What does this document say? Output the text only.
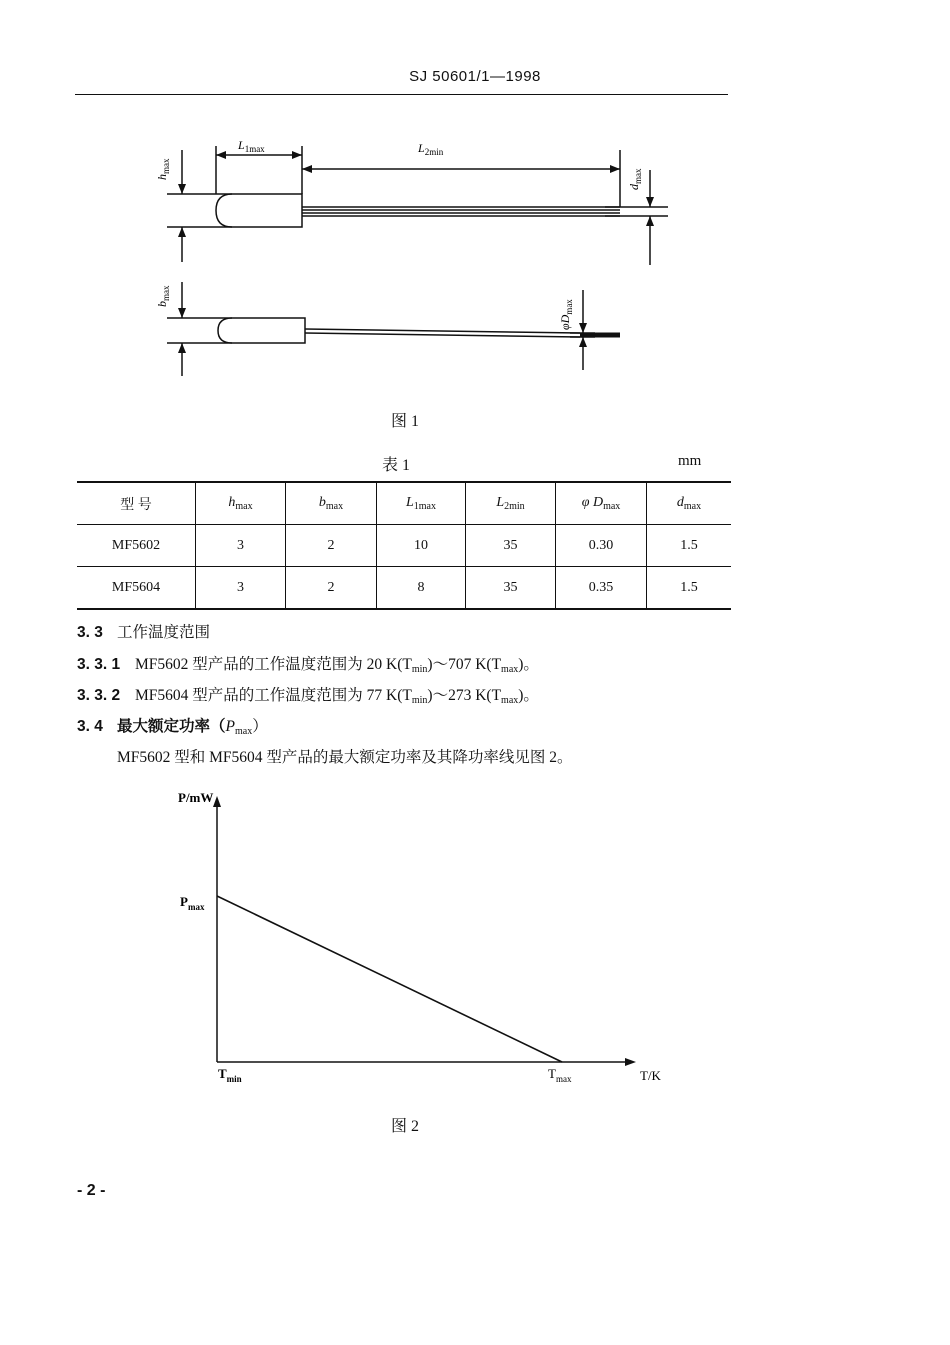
SJ 50601/1—1998
$L_{1max}$	$L_{2min}$
$h_{max}$
$d_{max}$
$b_{max}$
$\varphi D_{max}$
图 1
表 1	mm
型 号	$h_{max}$	$b_{max}$	$L_{1max}$	$L_{2min}$	φ $D_{max}$	$d_{max}$
MF5602	3	2	10	35	0.30	1.5
MF5604	3	2	8	35	0.35	1.5
3. 3 工作温度范围
3. 3. 1 MF5602 型产品的工作温度范围为 20 $K(T_{min})\sim 707$ $K(T_{max})$。
3. 3. 2 MF5604 型产品的工作温度范围为 77 $K(T_{min})\sim 273$ $K(T_{max})$。
3. 4 最大额定功率$(P_{max})$
MF5602 型和 MF5604 型产品的最大额定功率及其降功率线见图 2。
P/mW
T/K
$P_{max}$
$T_{min}$	$T_{max}$
图 2
- 2 -
